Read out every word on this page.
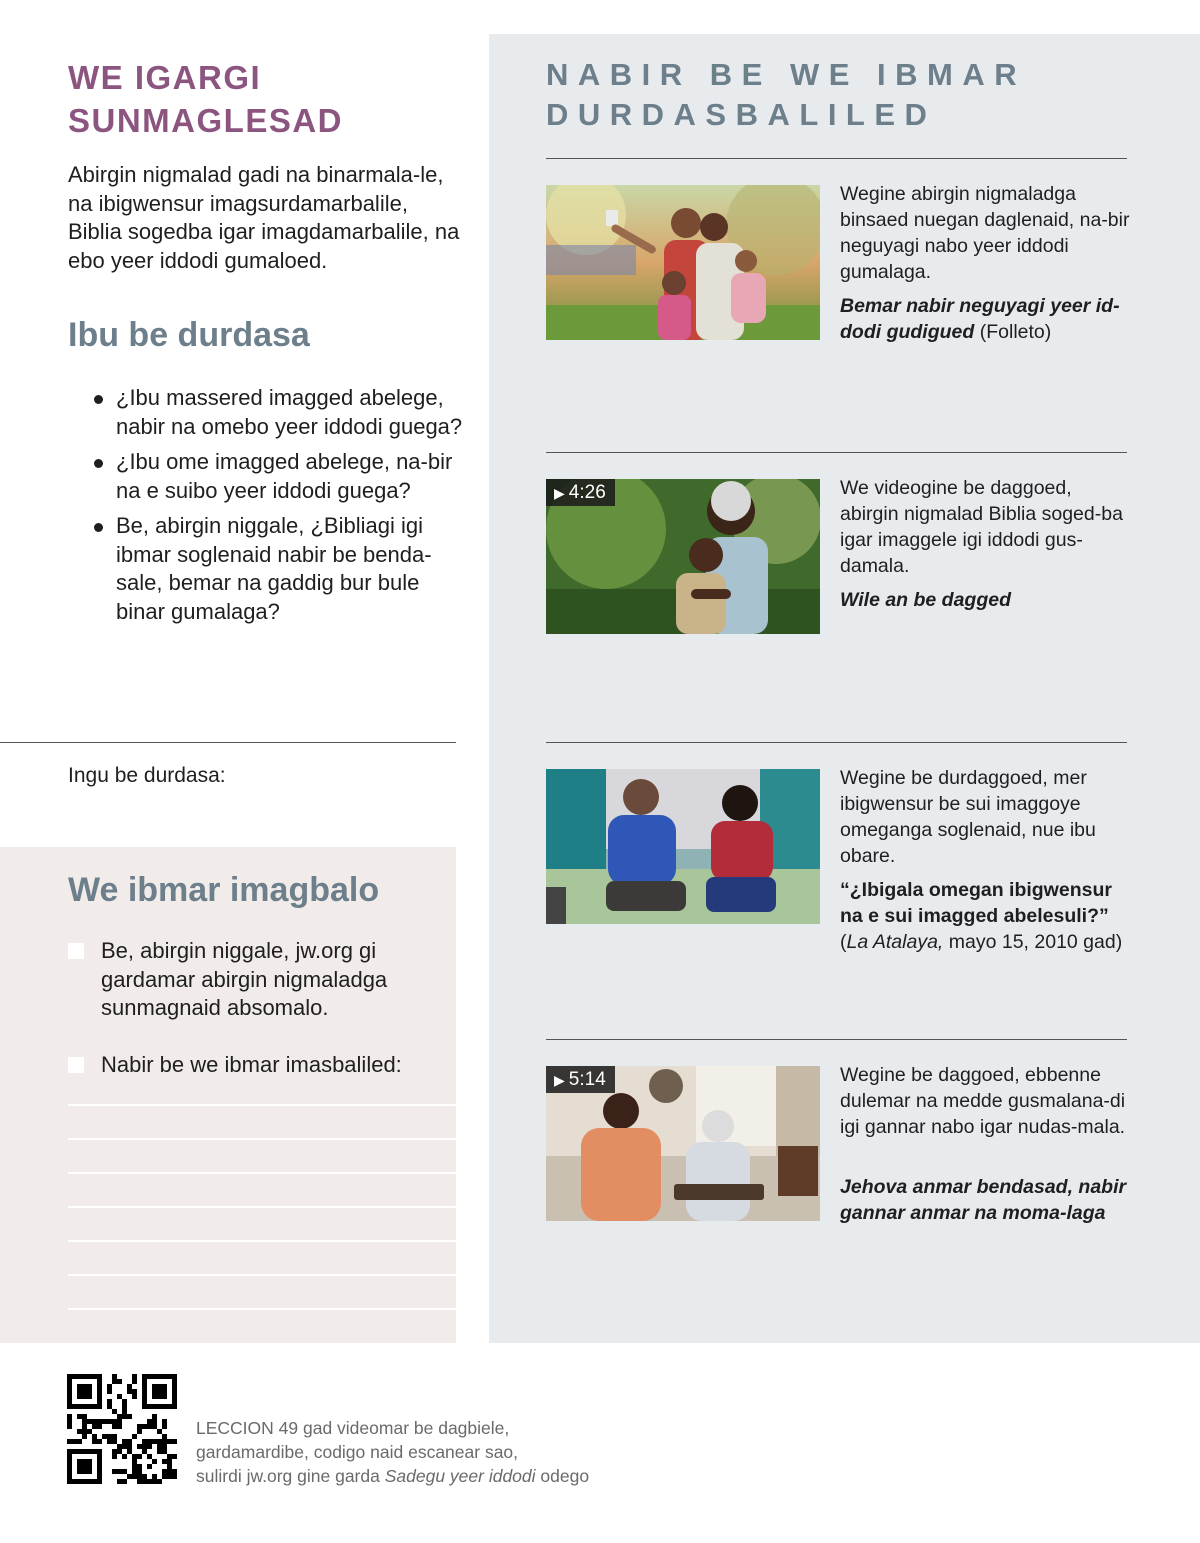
WE IGARGI SUNMAGLESAD

Abirgin nigmalad gadi na binarmala-le, na ibigwensur imagsurdamarbalile, Biblia sogedba igar imagdamarbalile, na ebo yeer iddodi gumaloed.

Ibu be durdasa
¿Ibu massered imagged abelege, nabir na omebo yeer iddodi guega?
¿Ibu ome imagged abelege, na-bir na e suibo yeer iddodi guega?
Be, abirgin niggale, ¿Bibliagi igi ibmar soglenaid nabir be benda-sale, bemar na gaddig bur bule binar gumalaga?

Ingu be durdasa:

We ibmar imagbalo
Be, abirgin niggale, jw.org gi gardamar abirgin nigmaladga sunmagnaid absomalo.
Nabir be we ibmar imasbaliled:
NABIR BE WE IBMAR DURDASBALILED

Wegine abirgin nigmaladga binsaed nuegan daglenaid, na-bir neguyagi nabo yeer iddodi gumalaga.

Bemar nabir neguyagi yeer id-dodi gudigued (Folleto)

▶ 4:26	We videogine be daggoed, abirgin nigmalad Biblia soged-ba igar imaggele igi iddodi gus-damala.

Wile an be dagged

Wegine be durdaggoed, mer ibigwensur be sui imaggoye omeganga soglenaid, nue ibu obare.

“¿Ibigala omegan ibigwensur na e sui imagged abelesuli?”
(La Atalaya, mayo 15, 2010 gad)

▶ 5:14	Wegine be daggoed, ebbenne dulemar na medde gusmalana-di igi gannar nabo igar nudas-mala.

Jehova anmar bendasad, nabir gannar anmar na moma-laga

LECCION 49 gad videomar be dagbiele,
gardamardibe, codigo naid escanear sao,
sulirdi jw.org gine garda Sadegu yeer iddodi odego
